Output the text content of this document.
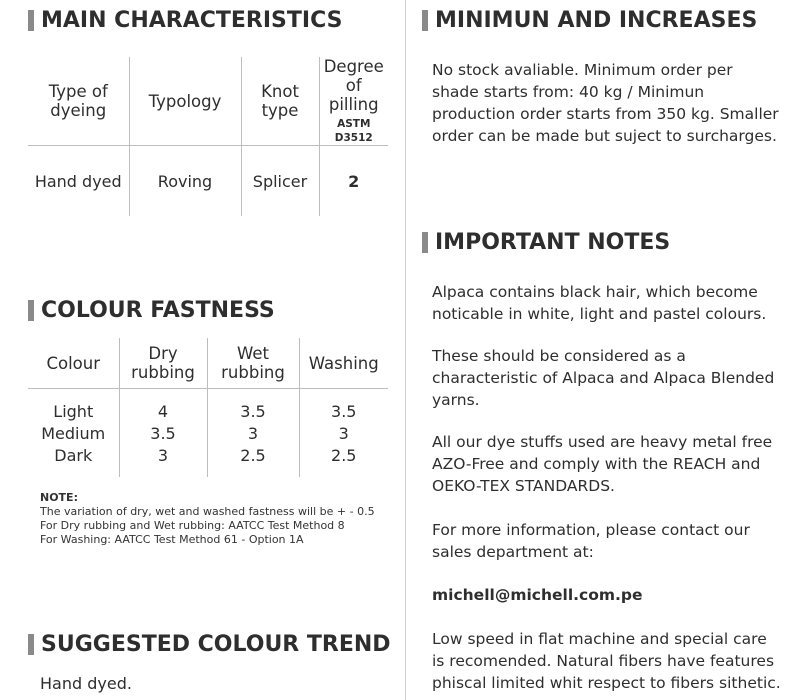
MAIN CHARACTERISTICS
Type of dyeing	Typology	Knot type	Degree of pilling
ASTM D3512

Hand dyed	Roving	Splicer	2
COLOUR FASTNESS
Colour	Dry rubbing	Wet rubbing	Washing

Light	4	3.5	3.5
Medium	3.5	3	3
Dark	3	2.5	2.5

NOTE:
The variation of dry, wet and washed fastness will be + - 0.5
For Dry rubbing and Wet rubbing: AATCC Test Method 8
For Washing: AATCC Test Method 61 - Option 1A
SUGGESTED COLOUR TREND
Hand dyed.
MINIMUN AND INCREASES
No stock avaliable. Minimum order per shade starts from: 40 kg / Minimun production order starts from 350 kg. Smaller order can be made but suject to surcharges.
IMPORTANT NOTES
Alpaca contains black hair, which become noticable in white, light and pastel colours.
These should be considered as a characteristic of Alpaca and Alpaca Blended yarns.
All our dye stuffs used are heavy metal free AZO-Free and comply with the REACH and OEKO-TEX STANDARDS.
For more information, please contact our sales department at:
michell@michell.com.pe
Low speed in flat machine and special care is recomended. Natural fibers have features phiscal limited whit respect to fibers sithetic.
